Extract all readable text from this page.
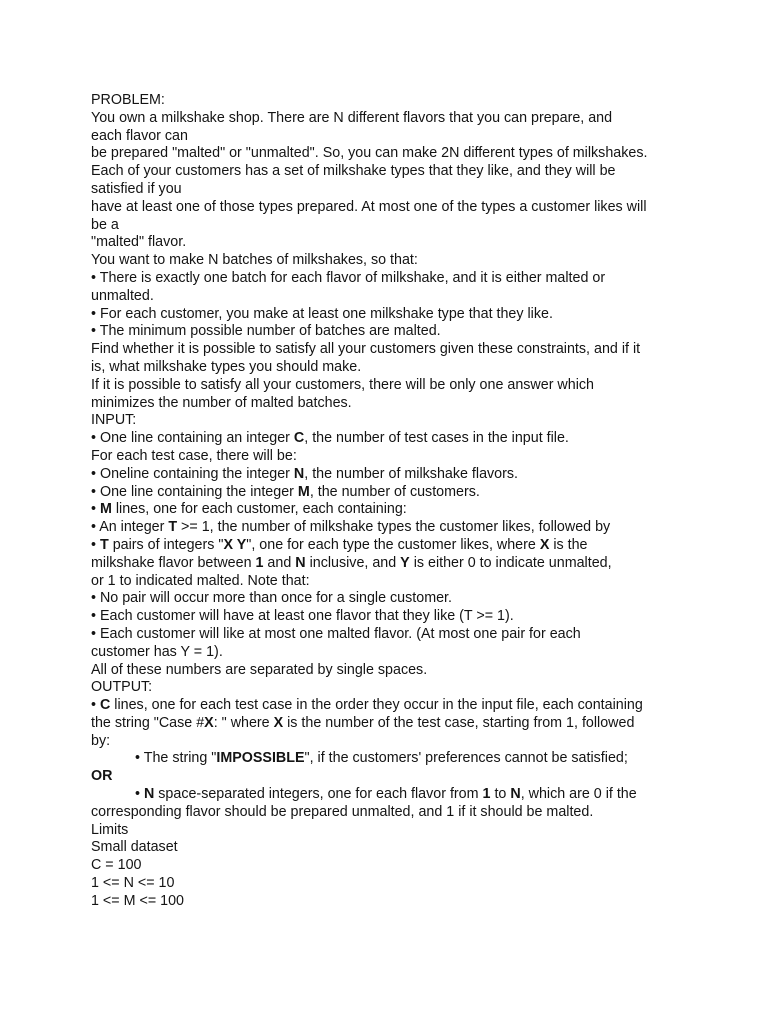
PROBLEM:
You own a milkshake shop. There are N different flavors that you can prepare, and
each flavor can
be prepared "malted" or "unmalted". So, you can make 2N different types of milkshakes.
Each of your customers has a set of milkshake types that they like, and they will be
satisfied if you
have at least one of those types prepared. At most one of the types a customer likes will
be a
"malted" flavor.
You want to make N batches of milkshakes, so that:
• There is exactly one batch for each flavor of milkshake, and it is either malted or
unmalted.
• For each customer, you make at least one milkshake type that they like.
• The minimum possible number of batches are malted.
Find whether it is possible to satisfy all your customers given these constraints, and if it
is, what milkshake types you should make.
If it is possible to satisfy all your customers, there will be only one answer which
minimizes the number of malted batches.
INPUT:
• One line containing an integer C, the number of test cases in the input file.
For each test case, there will be:
• Oneline containing the integer N, the number of milkshake flavors.
• One line containing the integer M, the number of customers.
• M lines, one for each customer, each containing:
• An integer T >= 1, the number of milkshake types the customer likes, followed by
• T pairs of integers "X Y", one for each type the customer likes, where X is the
milkshake flavor between 1 and N inclusive, and Y is either 0 to indicate unmalted,
or 1 to indicated malted. Note that:
• No pair will occur more than once for a single customer.
• Each customer will have at least one flavor that they like (T >= 1).
• Each customer will like at most one malted flavor. (At most one pair for each
customer has Y = 1).
All of these numbers are separated by single spaces.
OUTPUT:
• C lines, one for each test case in the order they occur in the input file, each containing
the string "Case #X: " where X is the number of the test case, starting from 1, followed
by:
• The string "IMPOSSIBLE", if the customers' preferences cannot be satisfied;
OR
• N space-separated integers, one for each flavor from 1 to N, which are 0 if the
corresponding flavor should be prepared unmalted, and 1 if it should be malted.
Limits
Small dataset
C = 100
1 <= N <= 10
1 <= M <= 100
